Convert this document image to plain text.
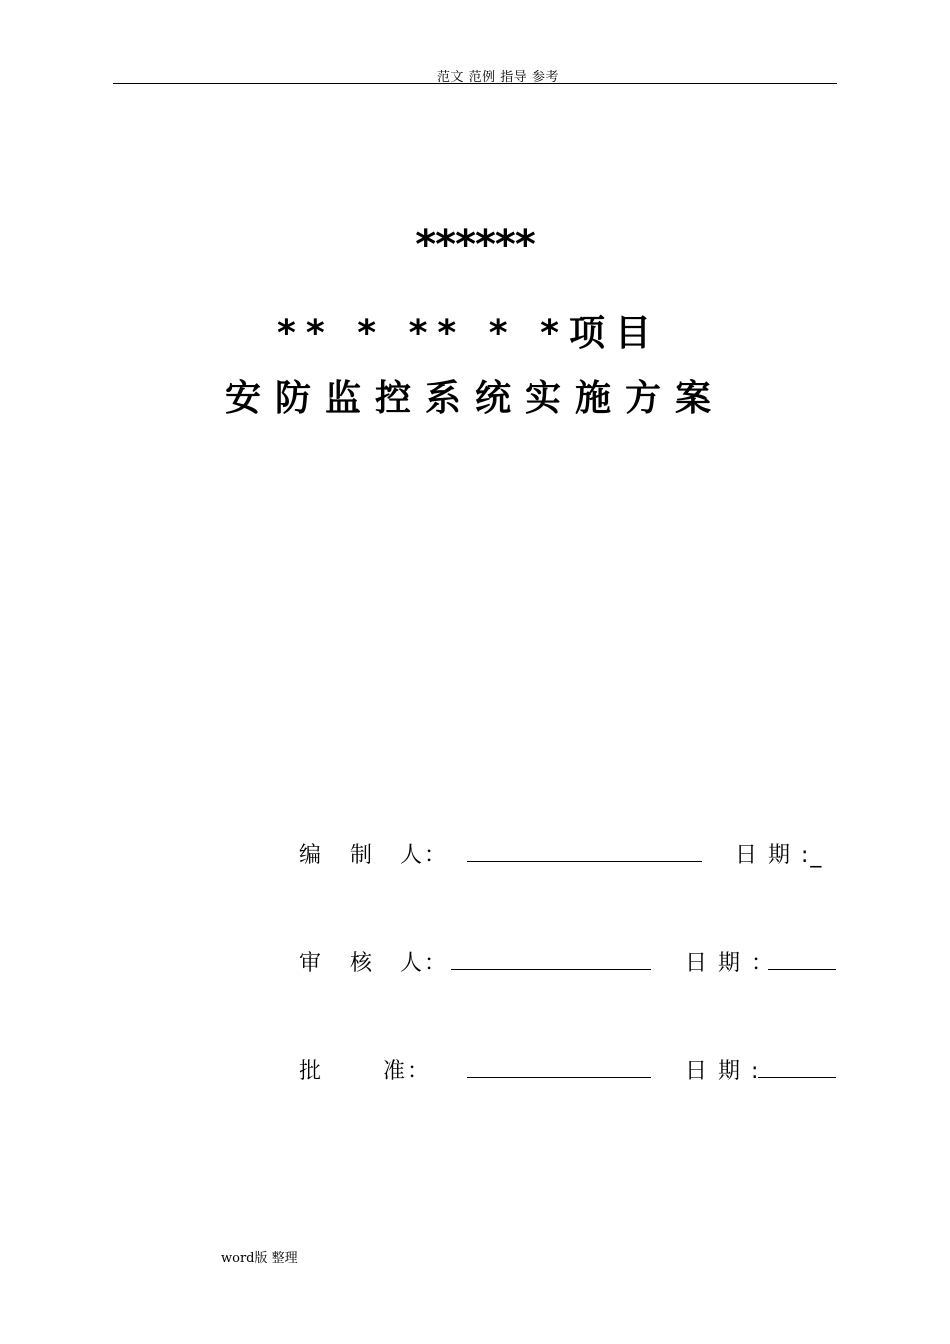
范文 范例 指导 参考
******
** * ** * *项目
安防监控系统实施方案
编 制 人：	日 期 :_
审 核 人：	日 期 ：
批	准：	日 期 :
word版 整理
